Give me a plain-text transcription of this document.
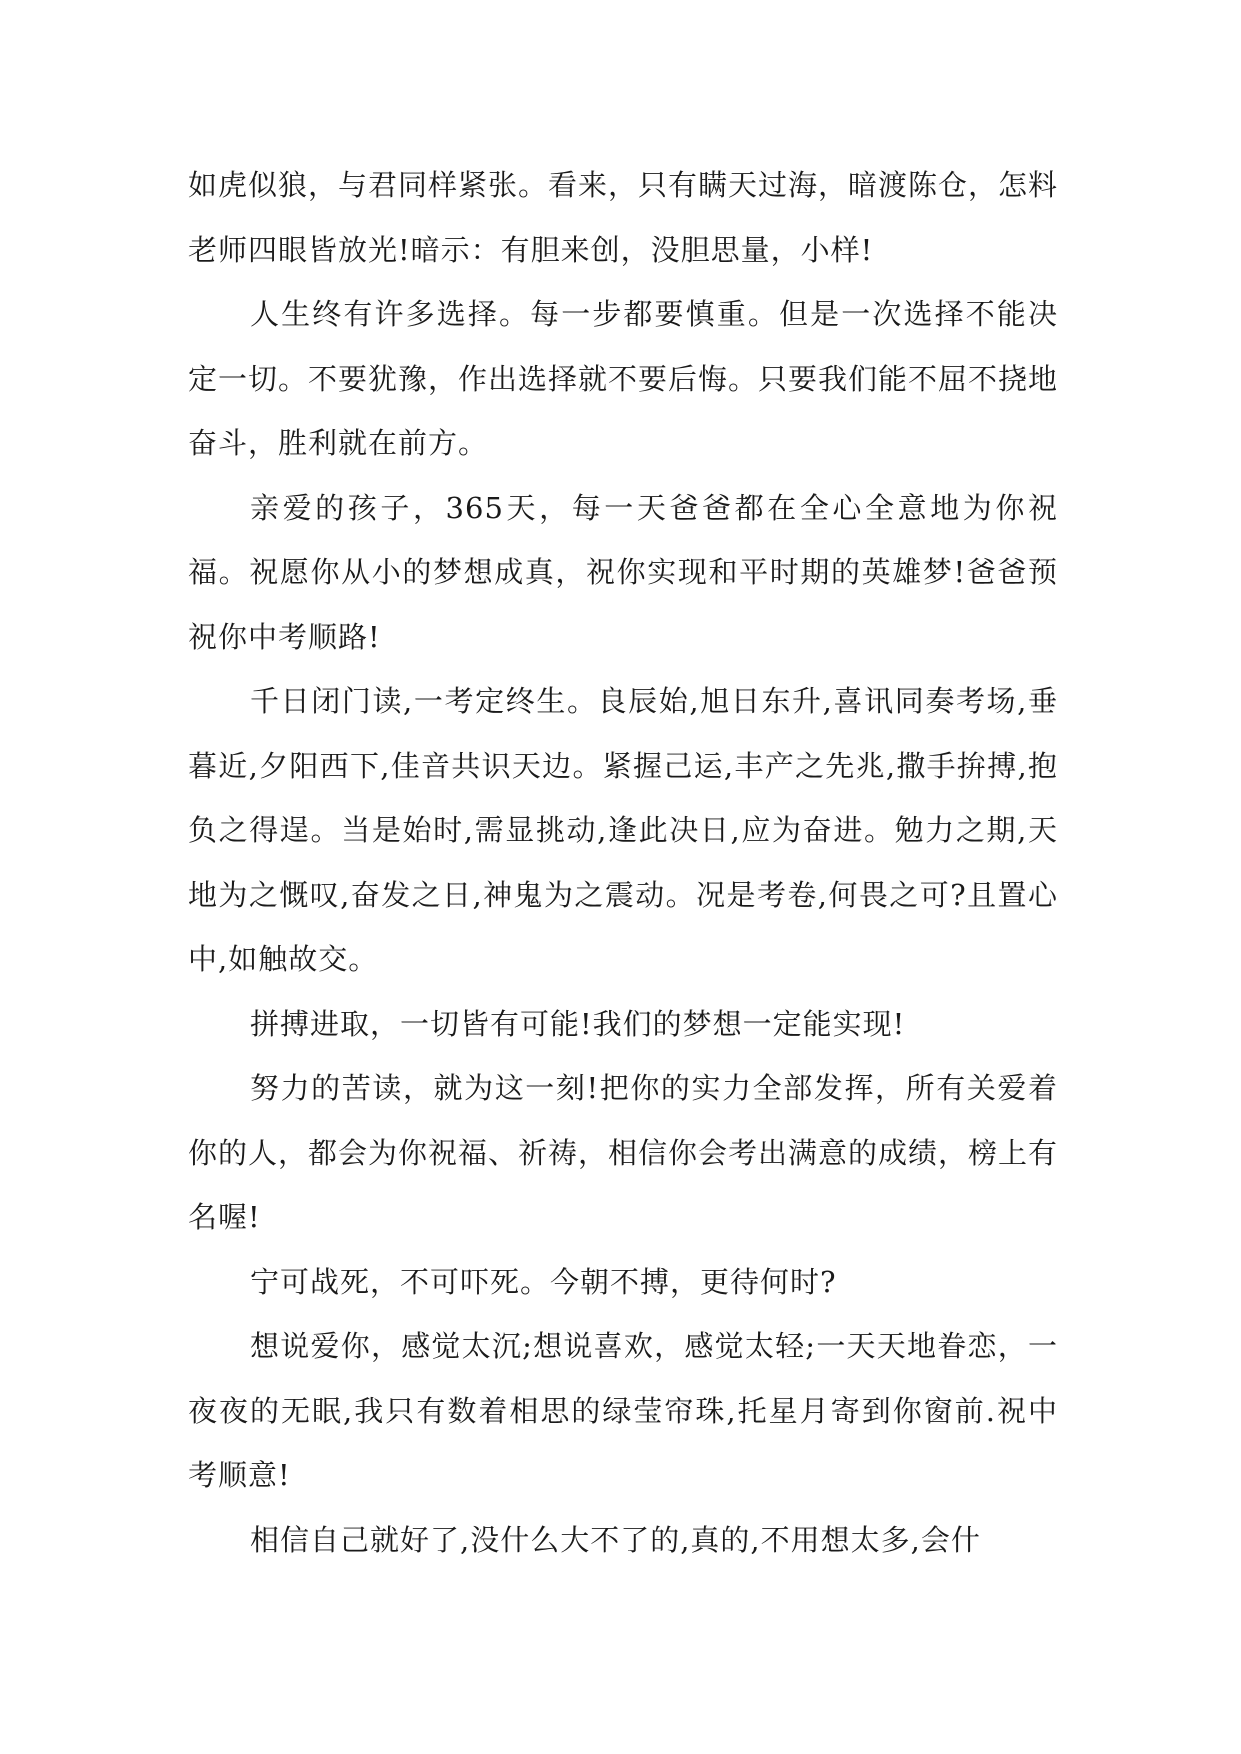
如虎似狼，与君同样紧张。看来，只有瞒天过海，暗渡陈仓，怎料老师四眼皆放光!暗示：有胆来创，没胆思量，小样!

人生终有许多选择。每一步都要慎重。但是一次选择不能决定一切。不要犹豫，作出选择就不要后悔。只要我们能不屈不挠地奋斗，胜利就在前方。

亲爱的孩子，365天，每一天爸爸都在全心全意地为你祝福。祝愿你从小的梦想成真，祝你实现和平时期的英雄梦!爸爸预祝你中考顺路!

千日闭门读,一考定终生。良辰始,旭日东升,喜讯同奏考场,垂暮近,夕阳西下,佳音共识天边。紧握己运,丰产之先兆,撒手拚搏,抱负之得逞。当是始时,需显挑动,逢此决日,应为奋进。勉力之期,天地为之慨叹,奋发之日,神鬼为之震动。况是考卷,何畏之可?且置心中,如触故交。

拼搏进取，一切皆有可能!我们的梦想一定能实现!

努力的苦读，就为这一刻!把你的实力全部发挥，所有关爱着你的人，都会为你祝福、祈祷，相信你会考出满意的成绩，榜上有名喔!

宁可战死，不可吓死。今朝不搏，更待何时?

想说爱你，感觉太沉;想说喜欢，感觉太轻;一天天地眷恋，一夜夜的无眠,我只有数着相思的绿莹帘珠,托星月寄到你窗前.祝中考顺意!

相信自己就好了,没什么大不了的,真的,不用想太多,会什
